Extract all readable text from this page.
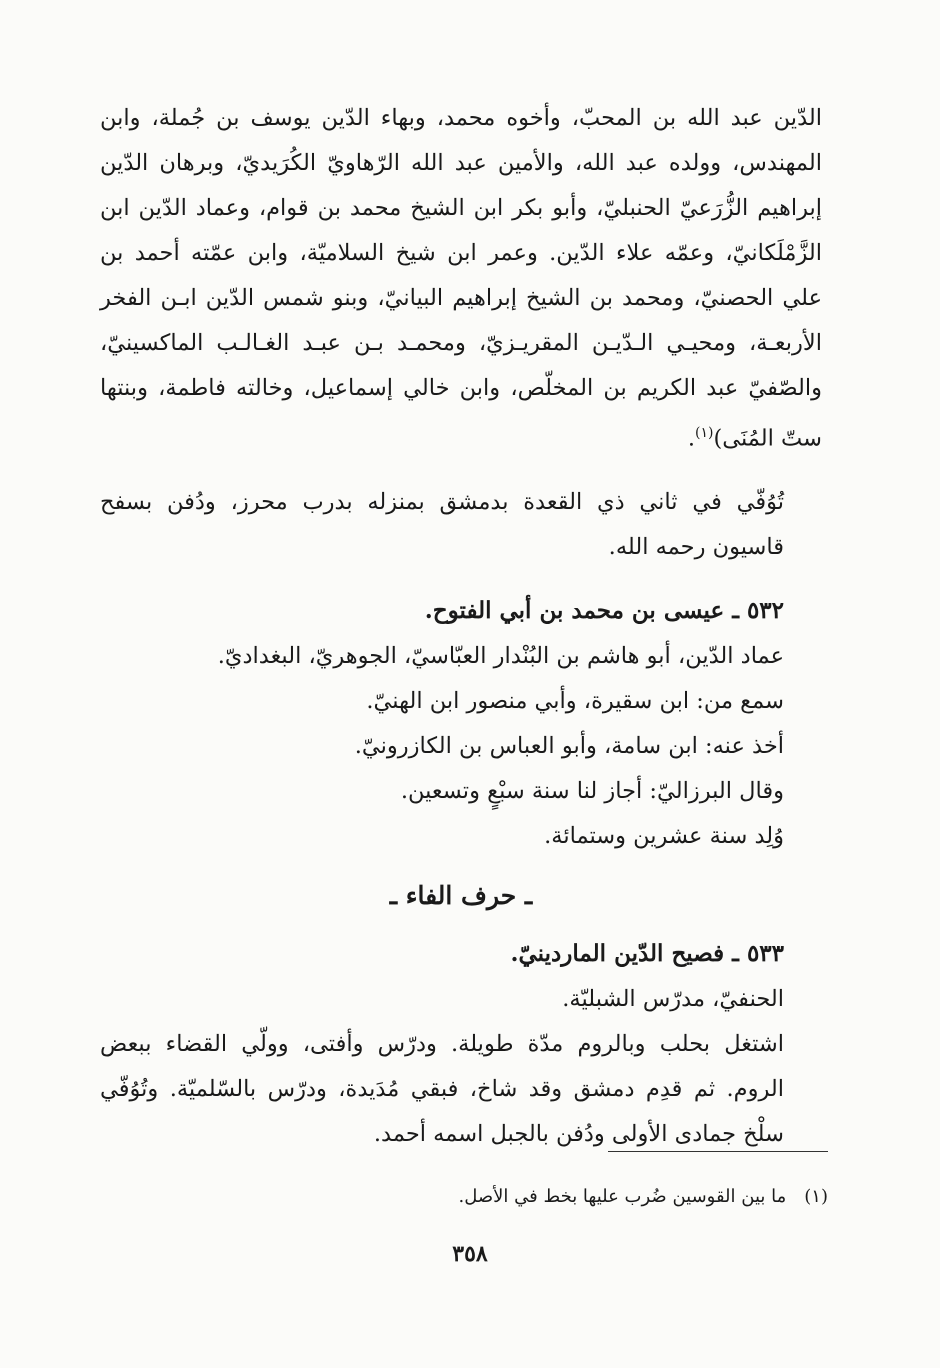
الدّين عبد الله بن المحبّ، وأخوه محمد، وبهاء الدّين يوسف بن جُملة، وابن المهندس، وولده عبد الله، والأمين عبد الله الرّهاويّ الكُرَيديّ، وبرهان الدّين إبراهيم الزُّرَعيّ الحنبليّ، وأبو بكر ابن الشيخ محمد بن قوام، وعماد الدّين ابن الزَّمْلَكانيّ، وعمّه علاء الدّين. وعمر ابن شيخ السلاميّة، وابن عمّته أحمد بن علي الحصنيّ، ومحمد بن الشيخ إبراهيم البيانيّ، وبنو شمس الدّين ابـن الفخر الأربعـة، ومحيـي الـدّيـن المقريـزيّ، ومحمـد بـن عبـد الغـالـب الماكسينيّ، والصّفيّ عبد الكريم بن المخلّص، وابن خالي إسماعيل، وخالته فاطمة، وبنتها ستّ المُنَى)$^{(١)}$.

تُوُفّي في ثاني ذي القعدة بدمشق بمنزله بدرب محرز، ودُفن بسفح قاسيون رحمه الله.

٥٣٢ ـ عيسى بن محمد بن أبي الفتوح.

عماد الدّين، أبو هاشم بن البُنْدار العبّاسيّ، الجوهريّ، البغداديّ.

سمع من: ابن سقيرة، وأبي منصور ابن الهنيّ.

أخذ عنه: ابن سامة، وأبو العباس بن الكازرونيّ.

وقال البرزاليّ: أجاز لنا سنة سبْعٍ وتسعين.

وُلِد سنة عشرين وستمائة.

ـ حرف الفاء ـ

٥٣٣ ـ فصيح الدّين الماردينيّ.

الحنفيّ، مدرّس الشبليّة.

اشتغل بحلب وبالروم مدّة طويلة. ودرّس وأفتى، وولّي القضاء ببعض الروم. ثم قدِم دمشق وقد شاخ، فبقي مُدَيدة، ودرّس بالسّلميّة. وتُوُفّي سلْخ جمادى الأولى ودُفن بالجبل اسمه أحمد.

(١)ما بين القوسين ضُرب عليها بخط في الأصل.
٣٥٨
